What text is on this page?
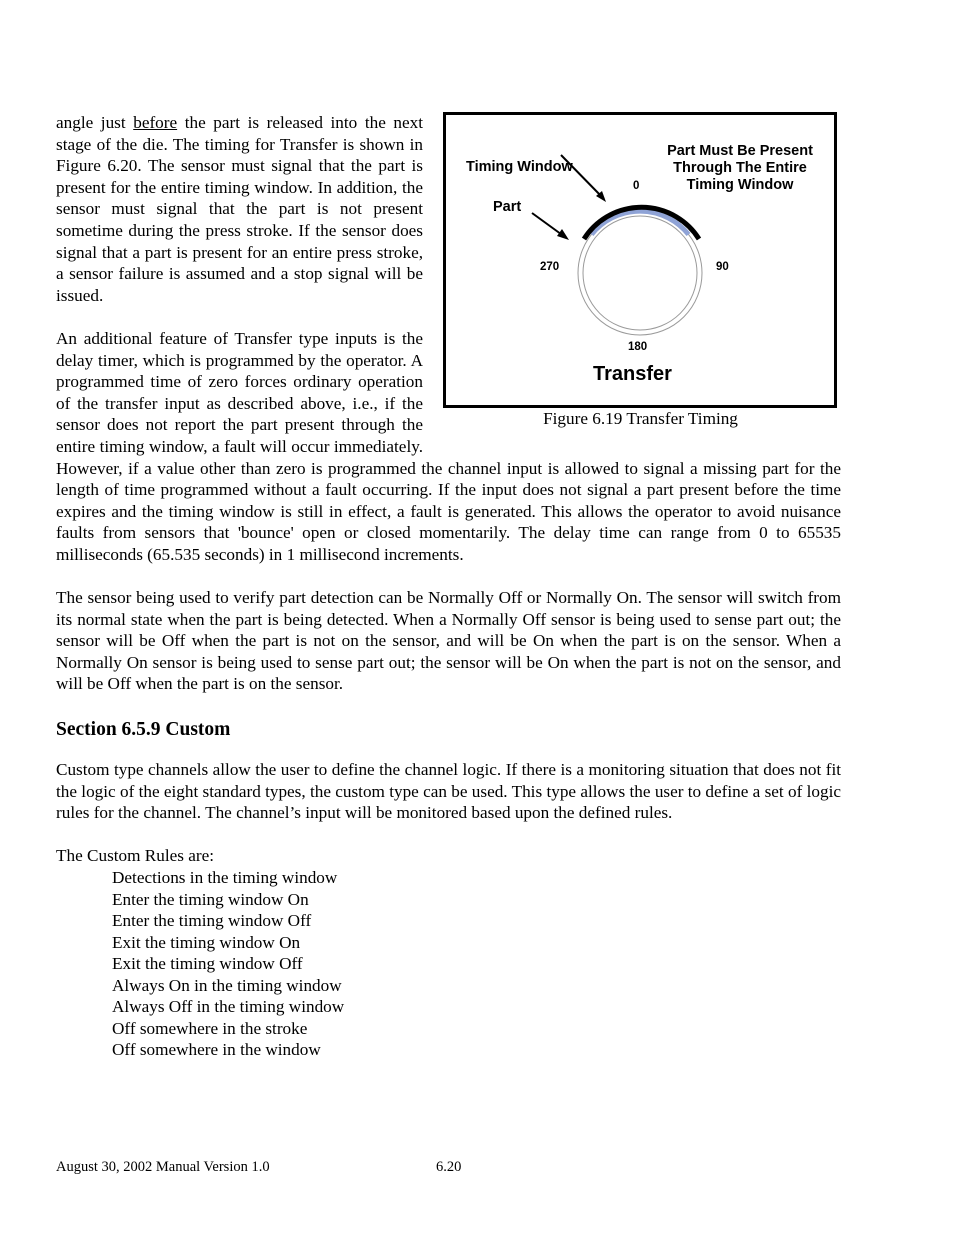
Timing Window
Part
Part Must Be Present Through The Entire Timing Window
0
90
180
270
Transfer
Figure 6.19 Transfer Timing

angle just before the part is released into the next stage of the die. The timing for Transfer is shown in Figure 6.20. The sensor must signal that the part is present for the entire timing window. In addition, the sensor must signal that the part is not present sometime during the press stroke. If the sensor does signal that a part is present for an entire press stroke, a sensor failure is assumed and a stop signal will be issued.

An additional feature of Transfer type inputs is the delay timer, which is programmed by the operator. A programmed time of zero forces ordinary operation of the transfer input as described above, i.e., if the sensor does not report the part present through the entire timing window, a fault will occur immediately. However, if a value other than zero is programmed the channel input is allowed to signal a missing part for the length of time programmed without a fault occurring. If the input does not signal a part present before the time expires and the timing window is still in effect, a fault is generated. This allows the operator to avoid nuisance faults from sensors that 'bounce' open or closed momentarily. The delay time can range from 0 to 65535 milliseconds (65.535 seconds) in 1 millisecond increments.

The sensor being used to verify part detection can be Normally Off or Normally On. The sensor will switch from its normal state when the part is being detected. When a Normally Off sensor is being used to sense part out; the sensor will be Off when the part is not on the sensor, and will be On when the part is on the sensor. When a Normally On sensor is being used to sense part out; the sensor will be On when the part is not on the sensor, and will be Off when the part is on the sensor.

Section 6.5.9 Custom

Custom type channels allow the user to define the channel logic. If there is a monitoring situation that does not fit the logic of the eight standard types, the custom type can be used. This type allows the user to define a set of logic rules for the channel. The channel’s input will be monitored based upon the defined rules.

The Custom Rules are:

Detections in the timing window
Enter the timing window On
Enter the timing window Off
Exit the timing window On
Exit the timing window Off
Always On in the timing window
Always Off in the timing window
Off somewhere in the stroke
Off somewhere in the window
August 30, 2002 Manual Version 1.0	6.20
